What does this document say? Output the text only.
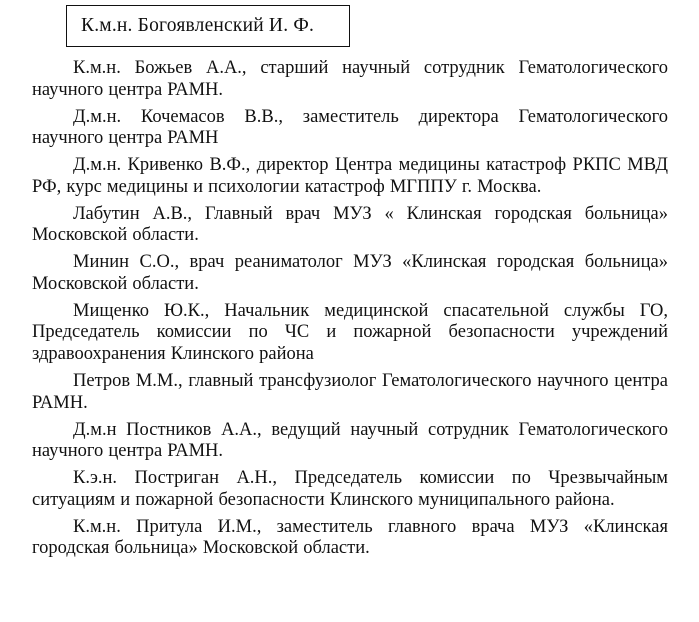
К.м.н. Богоявленский И. Ф.

К.м.н. Божьев А.А., старший научный сотрудник Гематологического научного центра РАМН.

Д.м.н. Кочемасов В.В., заместитель директора Гематологического научного центра РАМН

Д.м.н. Кривенко В.Ф., директор Центра медицины катастроф РКПС МВД РФ, курс медицины и психологии катастроф МГППУ г. Москва.

Лабутин А.В., Главный врач МУЗ « Клинская городская больница» Московской области.

Минин С.О., врач реаниматолог МУЗ «Клинская городская больница» Московской области.

Мищенко Ю.К., Начальник медицинской спасательной службы ГО, Председатель комиссии по ЧС и пожарной безопасности учреждений здравоохранения Клинского района

Петров М.М., главный трансфузиолог Гематологического научного центра РАМН.

Д.м.н Постников А.А., ведущий научный сотрудник Гематологического научного центра РАМН.

К.э.н. Постриган А.Н., Председатель комиссии по Чрезвычайным ситуациям и пожарной безопасности Клинского муниципального района.

К.м.н. Притула И.М., заместитель главного врача МУЗ «Клинская городская больница» Московской области.
